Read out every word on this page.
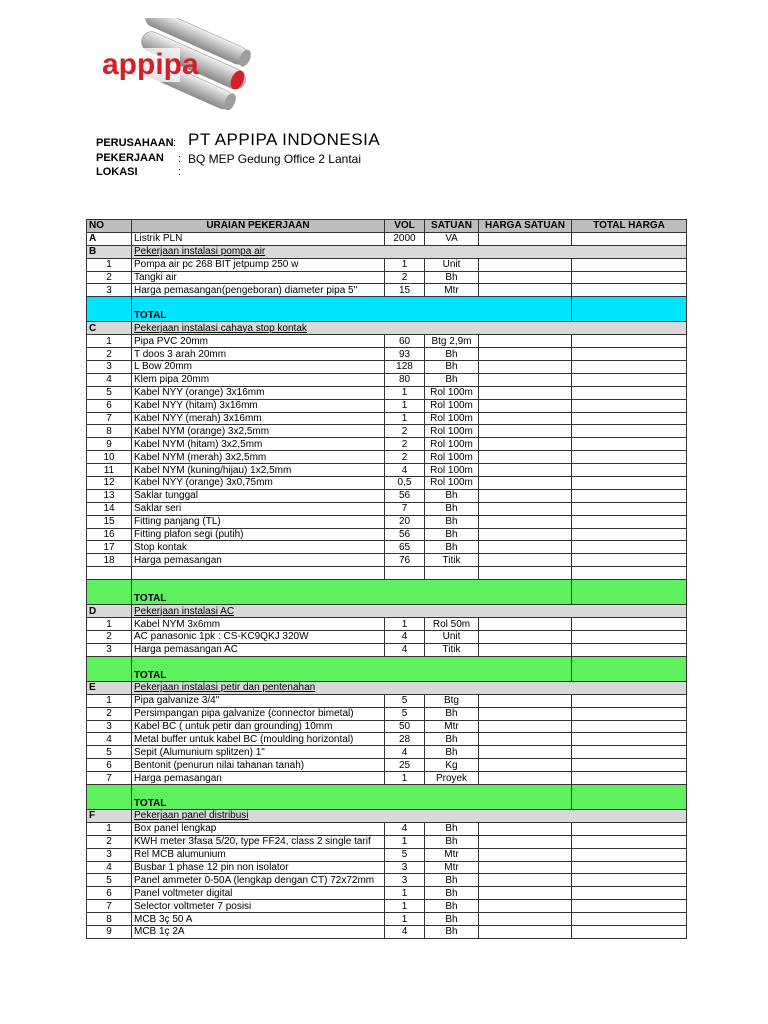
appipa
PERUSAHAAN : PT APPIPA INDONESIA
PEKERJAAN : BQ MEP Gedung Office 2 Lantai
LOKASI	:
NO	URAIAN PEKERJAAN	VOL	SATUAN	HARGA SATUAN	TOTAL HARGA
A	Listrik PLN	2000	VA		
B	Pekerjaan instalasi pompa air				
1	Pompa air pc 268 BIT jetpump 250 w	1	Unit		
2	Tangki air	2	Bh		
3	Harga pemasangan(pengeboran) diameter pipa 5"	15	Mtr		
	TOTAL				
C	Pekerjaan instalasi cahaya stop kontak				
1	Pipa PVC 20mm	60	Btg 2,9m		
2	T doos 3 arah 20mm	93	Bh		
3	L Bow 20mm	128	Bh		
4	Klem pipa 20mm	80	Bh		
5	Kabel NYY (orange) 3x16mm	1	Rol 100m		
6	Kabel NYY (hitam) 3x16mm	1	Rol 100m		
7	Kabel NYY (merah) 3x16mm	1	Rol 100m		
8	Kabel NYM (orange) 3x2,5mm	2	Rol 100m		
9	Kabel NYM (hitam) 3x2,5mm	2	Rol 100m		
10	Kabel NYM (merah) 3x2,5mm	2	Rol 100m		
11	Kabel NYM (kuning/hijau) 1x2,5mm	4	Rol 100m		
12	Kabel NYY (orange) 3x0,75mm	0,5	Rol 100m		
13	Saklar tunggal	56	Bh		
14	Saklar seri	7	Bh		
15	Fitting panjang (TL)	20	Bh		
16	Fitting plafon segi (putih)	56	Bh		
17	Stop kontak	65	Bh		
18	Harga pemasangan	76	Titik		

	TOTAL				
D	Pekerjaan instalasi AC				
1	Kabel NYM 3x6mm	1	Rol 50m		
2	AC panasonic 1pk : CS-KC9QKJ 320W	4	Unit		
3	Harga pemasangan AC	4	Titik		
	TOTAL				
E	Pekerjaan instalasi petir dan pentenahan				
1	Pipa galvanize 3/4"	5	Btg		
2	Persimpangan pipa galvanize (connector bimetal)	5	Bh		
3	Kabel BC ( untuk petir dan grounding) 10mm	50	Mtr		
4	Metal buffer untuk kabel BC (moulding horizontal)	28	Bh		
5	Sepit (Alumunium splitzen) 1"	4	Bh		
6	Bentonit (penurun nilai tahanan tanah)	25	Kg		
7	Harga pemasangan	1	Proyek		
	TOTAL				
F	Pekerjaan panel distribusi				
1	Box panel lengkap	4	Bh		
2	KWH meter 3fasa 5/20, type FF24, class 2 single tarif	1	Bh		
3	Rel MCB alumunium	5	Mtr		
4	Busbar 1 phase 12 pin non isolator	3	Mtr		
5	Panel ammeter 0-50A (lengkap dengan CT) 72x72mm	3	Bh		
6	Panel voltmeter digital	1	Bh		
7	Selector voltmeter 7 posisi	1	Bh		
8	MCB 3ç 50 A	1	Bh		
9	MCB 1ç 2A	4	Bh		
